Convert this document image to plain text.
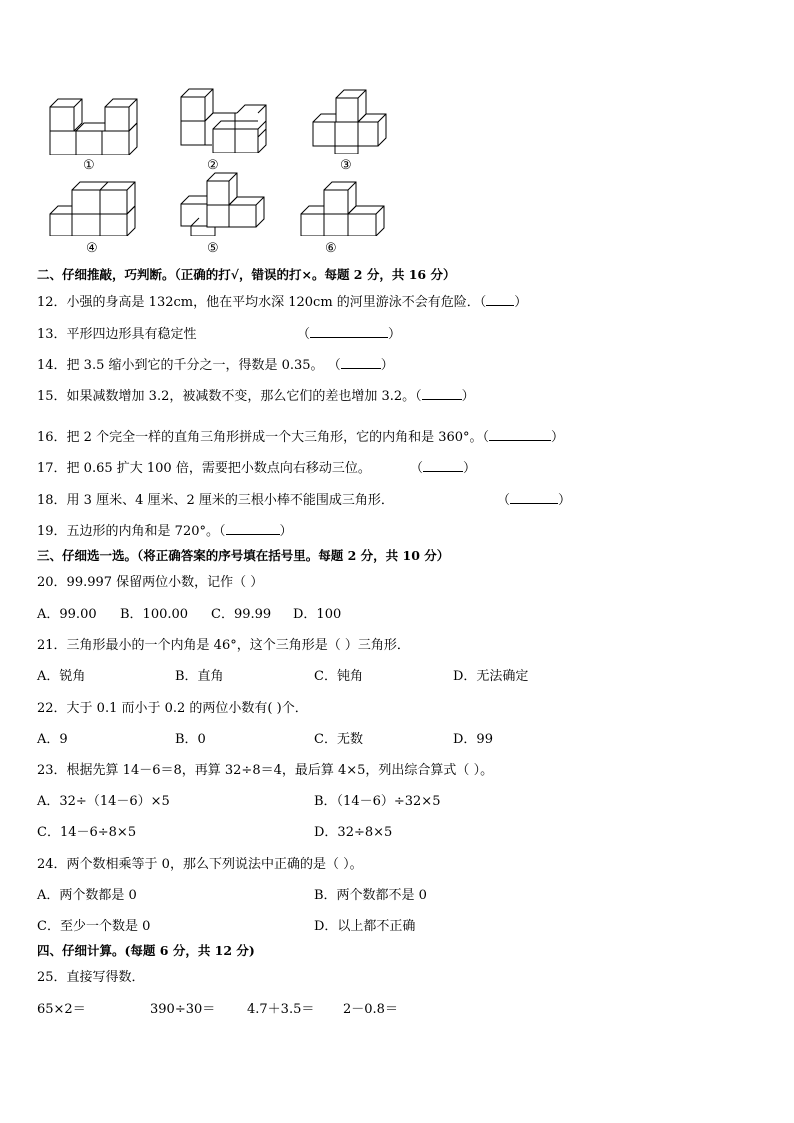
①	②	③
④	⑤	⑥
二、仔细推敲，巧判断。（正确的打√，错误的打×。每题 2 分，共 16 分）
12．小强的身高是 132cm，他在平均水深 120cm 的河里游泳不会有危险．（ ）
13．平形四边形具有稳定性	（	）
14．把 3.5 缩小到它的千分之一，得数是 0.35。 （	）
15．如果减数增加 3.2，被减数不变，那么它们的差也增加 3.2。（	）
16．把 2 个完全一样的直角三角形拼成一个大三角形，它的内角和是 360°。（	）
17．把 0.65 扩大 100 倍，需要把小数点向右移动三位。	（	）
18．用 3 厘米、4 厘米、2 厘米的三根小棒不能围成三角形．	（	）
19．五边形的内角和是 720°。（	）
三、仔细选一选。（将正确答案的序号填在括号里。每题 2 分，共 10 分）
20．99.997 保留两位小数，记作（ ）
A．99.00 B．100.00 C．99.99 D．100
21．三角形最小的一个内角是 46°，这个三角形是（ ）三角形．
A．锐角	B．直角	C．钝角	D．无法确定
22．大于 0.1 而小于 0.2 的两位小数有( )个．
A．9	B．0	C．无数	D．99
23．根据先算 14－6＝8，再算 32÷8＝4，最后算 4×5，列出综合算式（ ）。
A．32÷（14－6）×5	B．（14－6）÷32×5
C．14－6÷8×5	D．32÷8×5
24．两个数相乘等于 0，那么下列说法中正确的是（ ）。
A．两个数都是 0	B．两个数都不是 0
C．至少一个数是 0	D．以上都不正确
四、仔细计算。(每题 6 分，共 12 分)
25．直接写得数．
65×2＝	390÷30＝ 4.7＋3.5＝ 2－0.8＝
